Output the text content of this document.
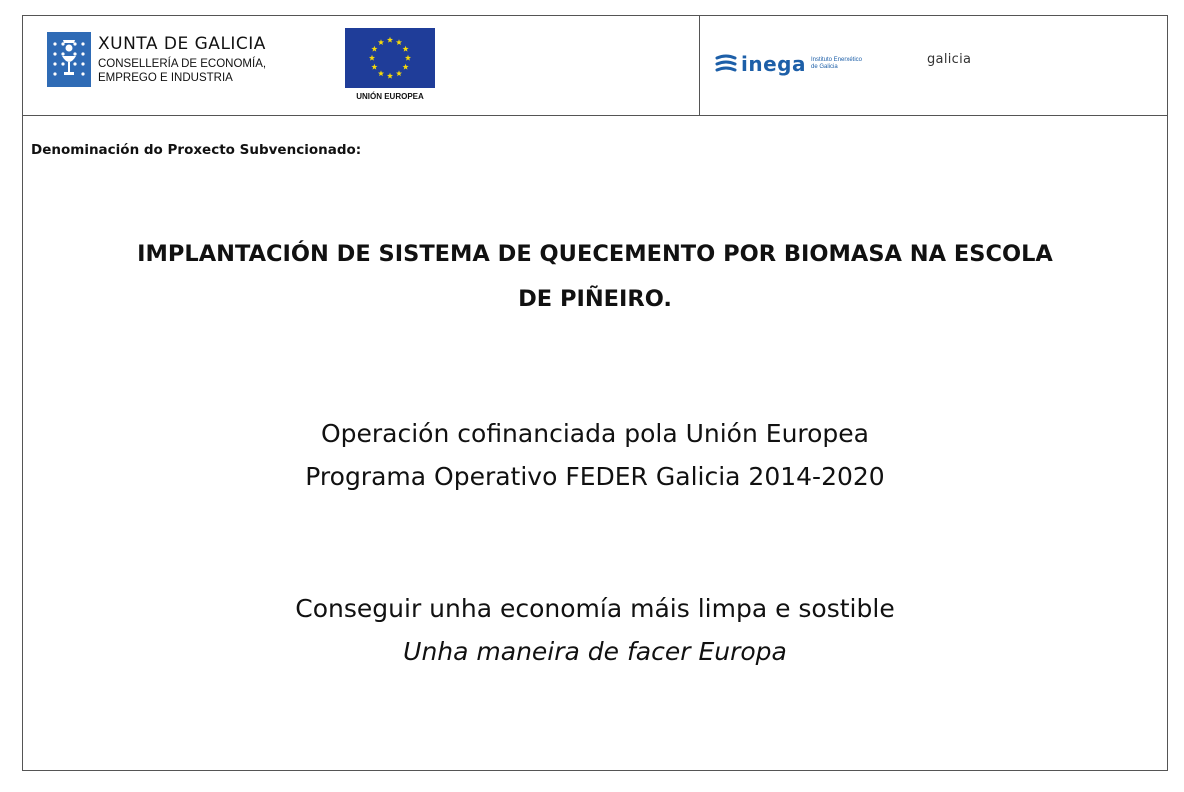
XUNTA DE GALICIA
CONSELLERÍA DE ECONOMÍA,
EMPREGO E INDUSTRIA
UNIÓN EUROPEA
inega Instituto Enerxético
de Galicia	galicia
Denominación do Proxecto Subvencionado:
IMPLANTACIÓN DE SISTEMA DE QUECEMENTO POR BIOMASA NA ESCOLA
DE PIÑEIRO.
Operación cofinanciada pola Unión Europea
Programa Operativo FEDER Galicia 2014-2020
Conseguir unha economía máis limpa e sostible
Unha maneira de facer Europa
